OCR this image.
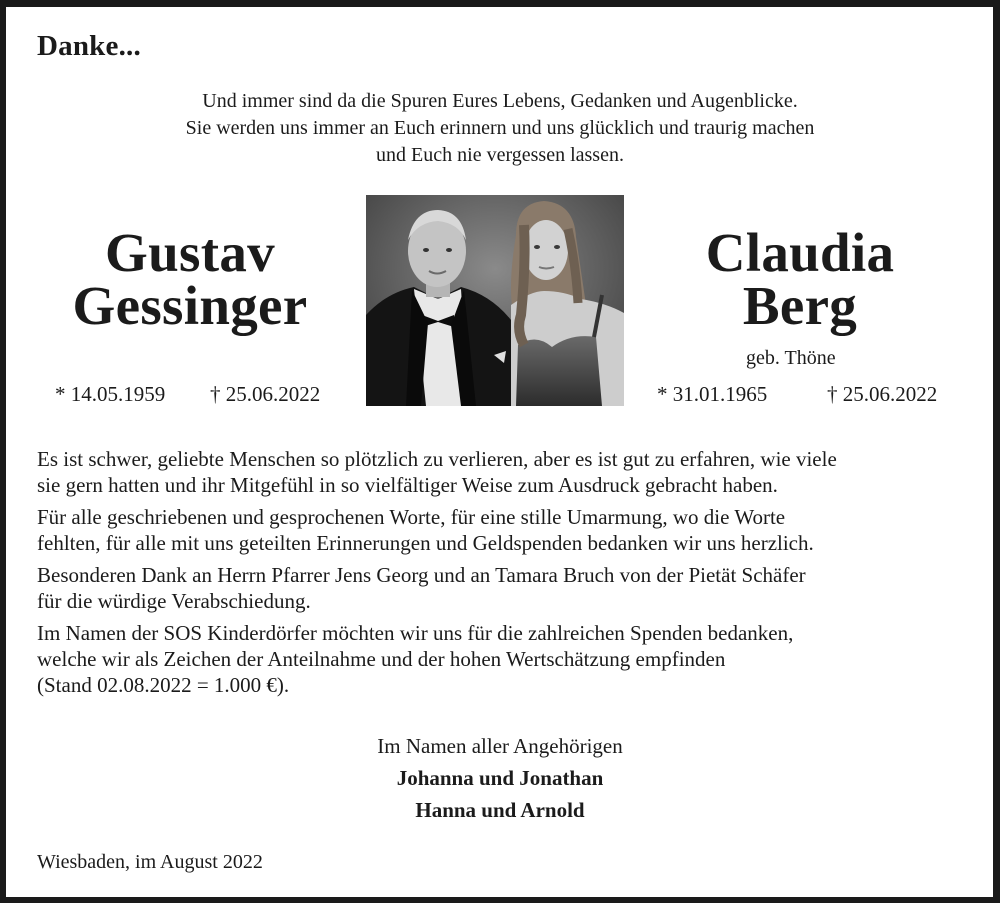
Danke...
Und immer sind da die Spuren Eures Lebens, Gedanken und Augenblicke.
Sie werden uns immer an Euch erinnern und uns glücklich und traurig machen
und Euch nie vergessen lassen.
Gustav
Gessinger
* 14.05.1959 † 25.06.2022
Claudia
Berg
geb. Thöne
* 31.01.1965	† 25.06.2022
Es ist schwer, geliebte Menschen so plötzlich zu verlieren, aber es ist gut zu erfahren, wie viele
sie gern hatten und ihr Mitgefühl in so vielfältiger Weise zum Ausdruck gebracht haben.
Für alle geschriebenen und gesprochenen Worte, für eine stille Umarmung, wo die Worte
fehlten, für alle mit uns geteilten Erinnerungen und Geldspenden bedanken wir uns herzlich.
Besonderen Dank an Herrn Pfarrer Jens Georg und an Tamara Bruch von der Pietät Schäfer
für die würdige Verabschiedung.
Im Namen der SOS Kinderdörfer möchten wir uns für die zahlreichen Spenden bedanken,
welche wir als Zeichen der Anteilnahme und der hohen Wertschätzung empfinden
(Stand 02.08.2022 = 1.000 €).
Im Namen aller Angehörigen
Johanna und Jonathan
Hanna und Arnold
Wiesbaden, im August 2022
